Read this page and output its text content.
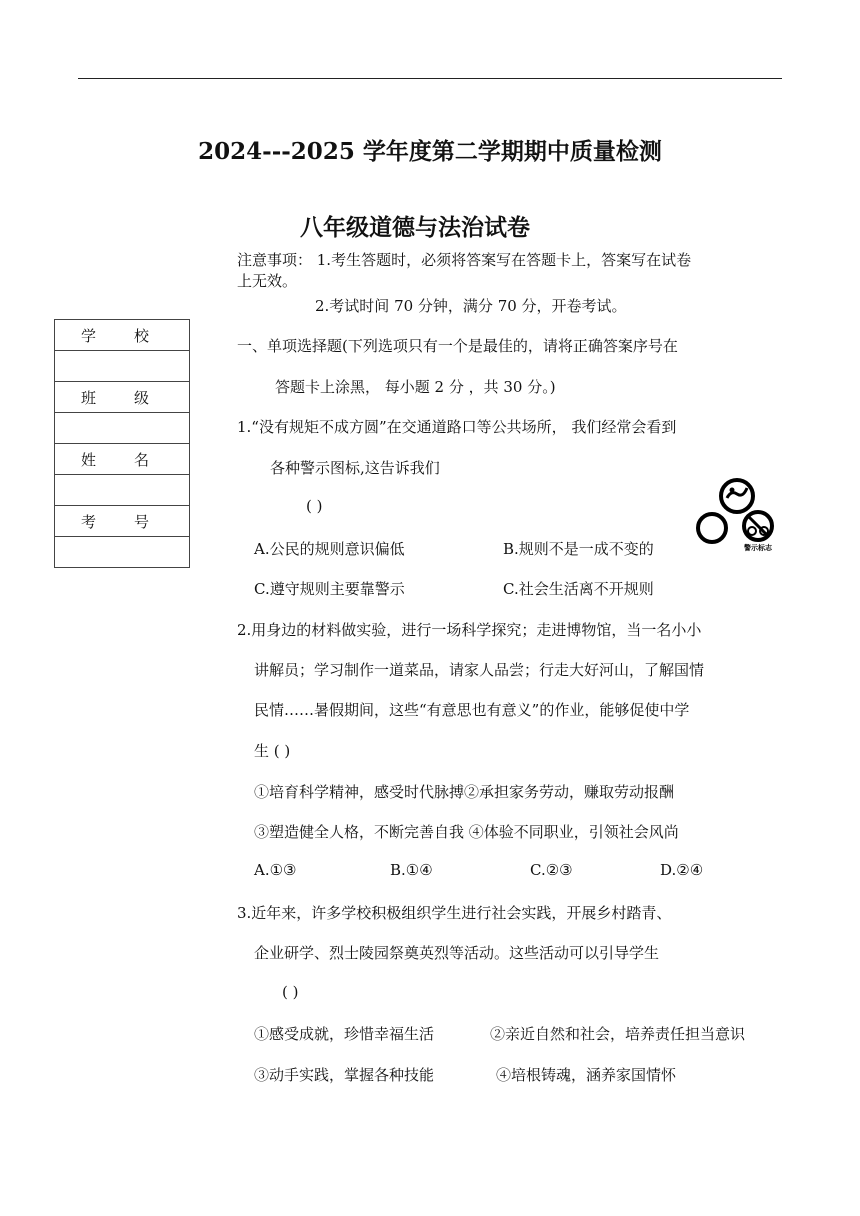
2024---2025 学年度第二学期期中质量检测
八年级道德与法治试卷
注意事项： 1.考生答题时，必须将答案写在答题卡上，答案写在试卷
上无效。
2.考试时间 70 分钟，满分 70 分，开卷考试。
学	校

班	级

姓	名

考	号

一、单项选择题(下列选项只有一个是最佳的，请将正确答案序号在
答题卡上涂黑， 每小题 2 分 ，共 30 分。)
1.“没有规矩不成方圆”在交通道路口等公共场所， 我们经常会看到
各种警示图标,这告诉我们
( )
A.公民的规则意识偏低	B.规则不是一成不变的
C.遵守规则主要靠警示	C.社会生活离不开规则
警示标志
2.用身边的材料做实验，进行一场科学探究；走进博物馆，当一名小小
讲解员；学习制作一道菜品，请家人品尝；行走大好河山，了解国情
民情……暑假期间，这些“有意思也有意义”的作业，能够促使中学
生 ( )
①培育科学精神，感受时代脉搏②承担家务劳动，赚取劳动报酬
③塑造健全人格，不断完善自我 ④体验不同职业，引领社会风尚
A.①③	B.①④	C.②③	D.②④
3.近年来，许多学校积极组织学生进行社会实践，开展乡村踏青、
企业研学、烈士陵园祭奠英烈等活动。这些活动可以引导学生
( )
①感受成就，珍惜幸福生活	②亲近自然和社会，培养责任担当意识
③动手实践，掌握各种技能	④培根铸魂，涵养家国情怀
